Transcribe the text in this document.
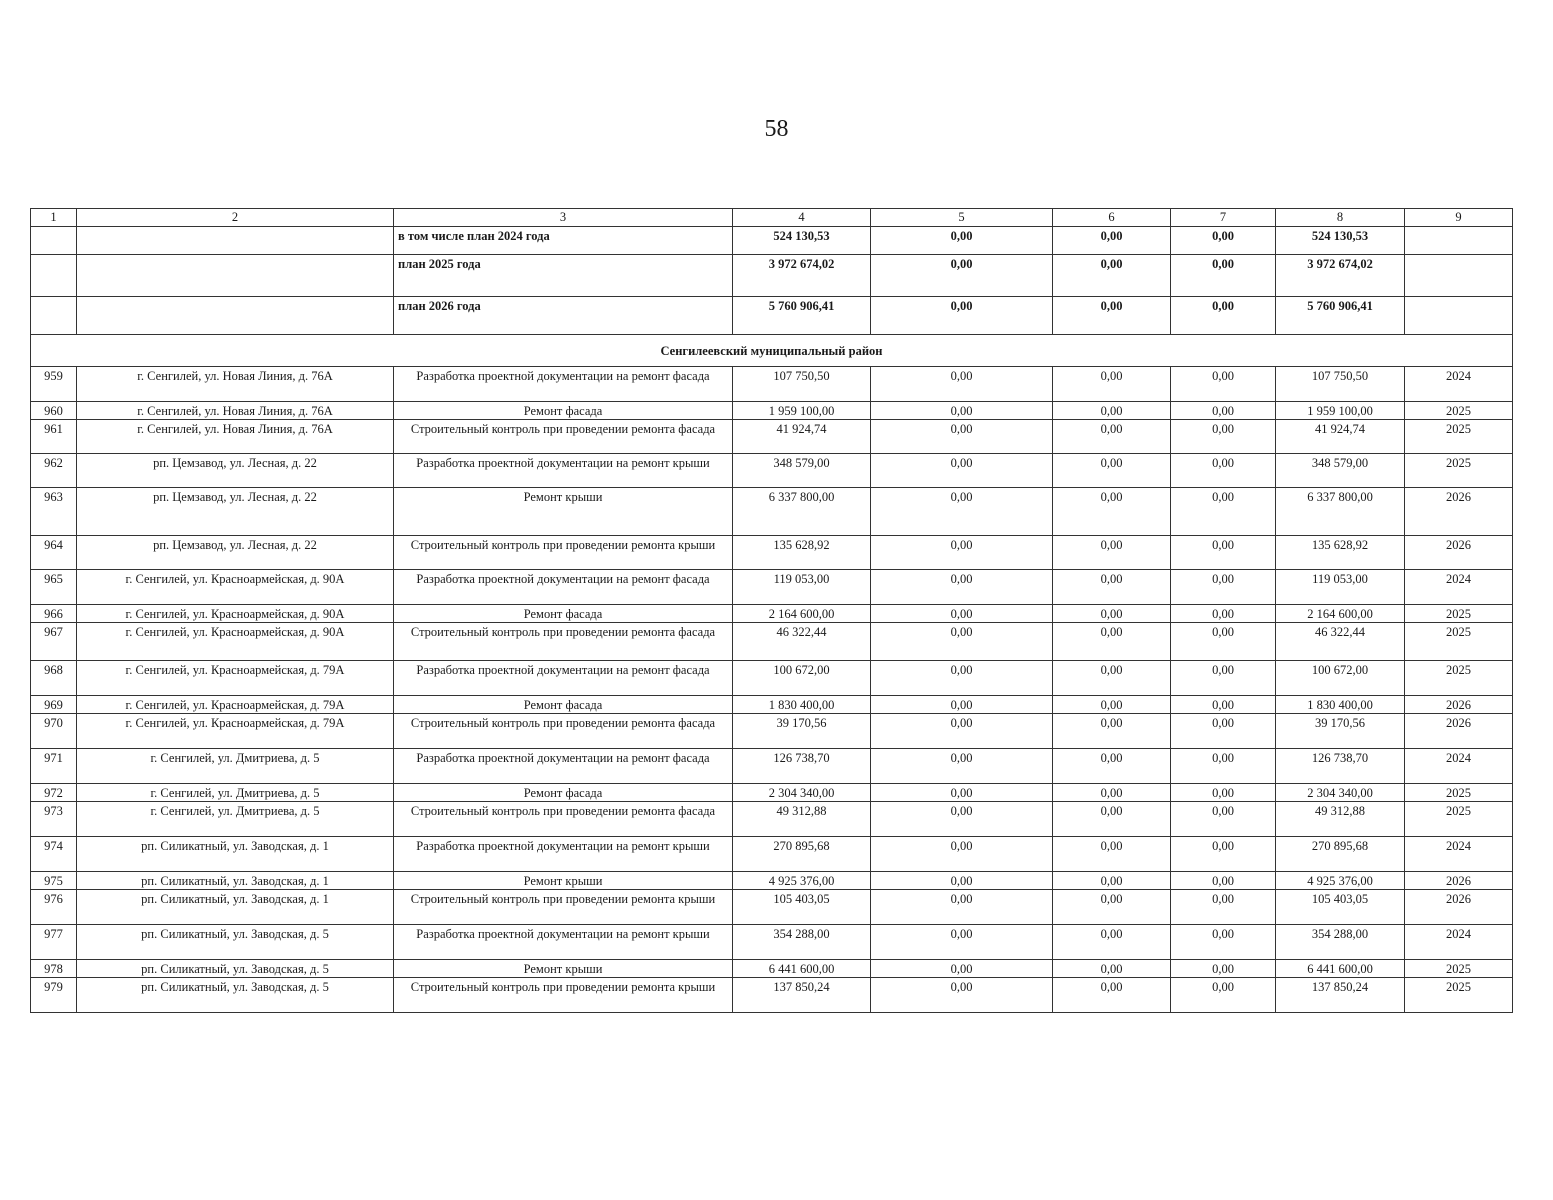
58
1	2	3	4	5	6	7	8	9
		в том числе план 2024 года	524 130,53	0,00	0,00	0,00	524 130,53	
		план 2025 года	3 972 674,02	0,00	0,00	0,00	3 972 674,02	
		план 2026 года	5 760 906,41	0,00	0,00	0,00	5 760 906,41	
Сенгилеевский муниципальный район								
959	г. Сенгилей, ул. Новая Линия, д. 76А	Разработка проектной документации на ремонт фасада	107 750,50	0,00	0,00	0,00	107 750,50	2024
960	г. Сенгилей, ул. Новая Линия, д. 76А	Ремонт фасада	1 959 100,00	0,00	0,00	0,00	1 959 100,00	2025
961	г. Сенгилей, ул. Новая Линия, д. 76А	Строительный контроль при проведении ремонта фасада	41 924,74	0,00	0,00	0,00	41 924,74	2025
962	рп. Цемзавод, ул. Лесная, д. 22	Разработка проектной документации на ремонт крыши	348 579,00	0,00	0,00	0,00	348 579,00	2025
963	рп. Цемзавод, ул. Лесная, д. 22	Ремонт крыши	6 337 800,00	0,00	0,00	0,00	6 337 800,00	2026
964	рп. Цемзавод, ул. Лесная, д. 22	Строительный контроль при проведении ремонта крыши	135 628,92	0,00	0,00	0,00	135 628,92	2026
965	г. Сенгилей, ул. Красноармейская, д. 90А	Разработка проектной документации на ремонт фасада	119 053,00	0,00	0,00	0,00	119 053,00	2024
966	г. Сенгилей, ул. Красноармейская, д. 90А	Ремонт фасада	2 164 600,00	0,00	0,00	0,00	2 164 600,00	2025
967	г. Сенгилей, ул. Красноармейская, д. 90А	Строительный контроль при проведении ремонта фасада	46 322,44	0,00	0,00	0,00	46 322,44	2025
968	г. Сенгилей, ул. Красноармейская, д. 79А	Разработка проектной документации на ремонт фасада	100 672,00	0,00	0,00	0,00	100 672,00	2025
969	г. Сенгилей, ул. Красноармейская, д. 79А	Ремонт фасада	1 830 400,00	0,00	0,00	0,00	1 830 400,00	2026
970	г. Сенгилей, ул. Красноармейская, д. 79А	Строительный контроль при проведении ремонта фасада	39 170,56	0,00	0,00	0,00	39 170,56	2026
971	г. Сенгилей, ул. Дмитриева, д. 5	Разработка проектной документации на ремонт фасада	126 738,70	0,00	0,00	0,00	126 738,70	2024
972	г. Сенгилей, ул. Дмитриева, д. 5	Ремонт фасада	2 304 340,00	0,00	0,00	0,00	2 304 340,00	2025
973	г. Сенгилей, ул. Дмитриева, д. 5	Строительный контроль при проведении ремонта фасада	49 312,88	0,00	0,00	0,00	49 312,88	2025
974	рп. Силикатный, ул. Заводская, д. 1	Разработка проектной документации на ремонт крыши	270 895,68	0,00	0,00	0,00	270 895,68	2024
975	рп. Силикатный, ул. Заводская, д. 1	Ремонт крыши	4 925 376,00	0,00	0,00	0,00	4 925 376,00	2026
976	рп. Силикатный, ул. Заводская, д. 1	Строительный контроль при проведении ремонта крыши	105 403,05	0,00	0,00	0,00	105 403,05	2026
977	рп. Силикатный, ул. Заводская, д. 5	Разработка проектной документации на ремонт крыши	354 288,00	0,00	0,00	0,00	354 288,00	2024
978	рп. Силикатный, ул. Заводская, д. 5	Ремонт крыши	6 441 600,00	0,00	0,00	0,00	6 441 600,00	2025
979	рп. Силикатный, ул. Заводская, д. 5	Строительный контроль при проведении ремонта крыши	137 850,24	0,00	0,00	0,00	137 850,24	2025
